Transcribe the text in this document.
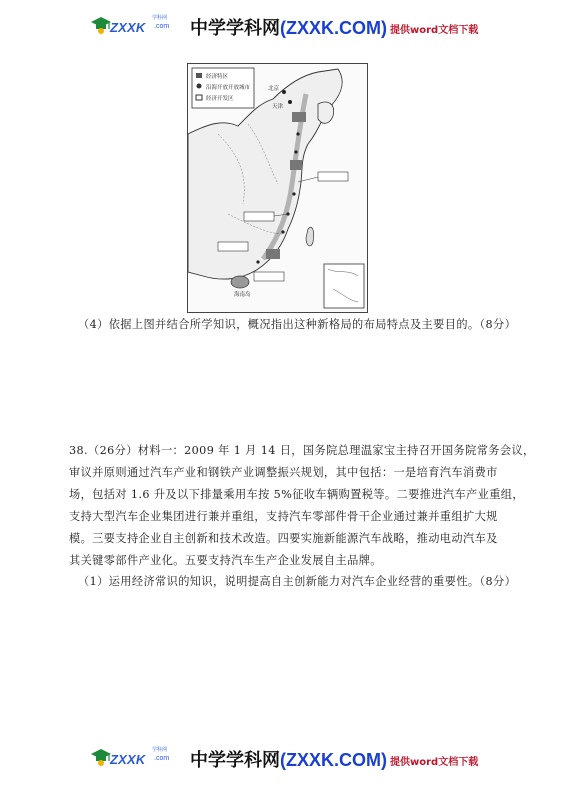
ZXXK
学科网
.com 中学学科网(ZXXK.COM) 提供word文档下载
经济特区
沿海开放开放城市
经济开发区
海南岛
北京
天津
（4）依据上图并结合所学知识，概况指出这种新格局的布局特点及主要目的。（8分）
38.（26分）材料一：2009 年 1 月 14 日，国务院总理温家宝主持召开国务院常务会议，
审议并原则通过汽车产业和钢铁产业调整振兴规划，其中包括：一是培育汽车消费市
场，包括对 1.6 升及以下排量乘用车按 5%征收车辆购置税等。二要推进汽车产业重组，
支持大型汽车企业集团进行兼并重组，支持汽车零部件骨干企业通过兼并重组扩大规
模。三要支持企业自主创新和技术改造。四要实施新能源汽车战略，推动电动汽车及
其关键零部件产业化。五要支持汽车生产企业发展自主品牌。
（1）运用经济常识的知识，说明提高自主创新能力对汽车企业经营的重要性。（8分）
ZXXK
学科网
.com 中学学科网(ZXXK.COM) 提供word文档下载
